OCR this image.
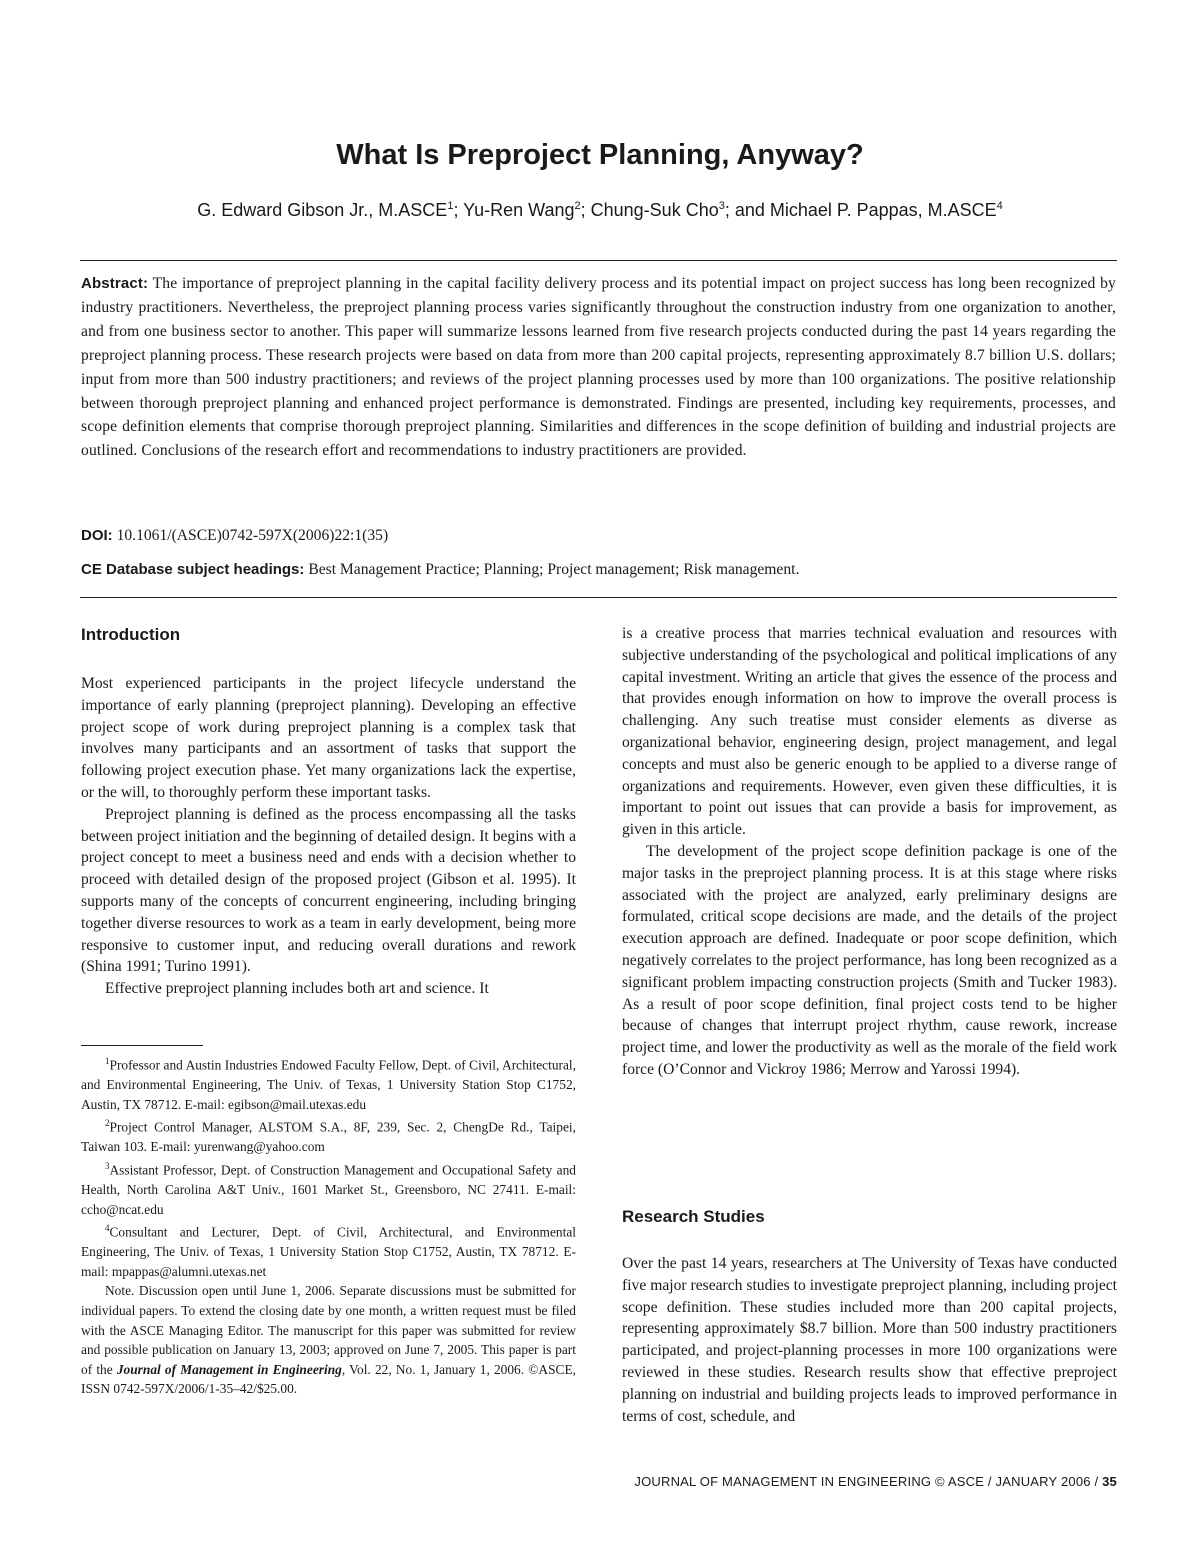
What Is Preproject Planning, Anyway?

G. Edward Gibson Jr., M.ASCE$^1$; Yu-Ren Wang$^2$; Chung-Suk Cho$^3$; and Michael P. Pappas, M.ASCE$^4$

Abstract: The importance of preproject planning in the capital facility delivery process and its potential impact on project success has long been recognized by industry practitioners. Nevertheless, the preproject planning process varies significantly throughout the construction industry from one organization to another, and from one business sector to another. This paper will summarize lessons learned from five research projects conducted during the past 14 years regarding the preproject planning process. These research projects were based on data from more than 200 capital projects, representing approximately 8.7 billion U.S. dollars; input from more than 500 industry practitioners; and reviews of the project planning processes used by more than 100 organizations. The positive relationship between thorough preproject planning and enhanced project performance is demonstrated. Findings are presented, including key requirements, processes, and scope definition elements that comprise thorough preproject planning. Similarities and differences in the scope definition of building and industrial projects are outlined. Conclusions of the research effort and recommendations to industry practitioners are provided.

DOI: 10.1061/(ASCE)0742-597X(2006)22:1(35)

CE Database subject headings: Best Management Practice; Planning; Project management; Risk management.

Introduction

Most experienced participants in the project lifecycle understand the importance of early planning (preproject planning). Developing an effective project scope of work during preproject planning is a complex task that involves many participants and an assortment of tasks that support the following project execution phase. Yet many organizations lack the expertise, or the will, to thoroughly perform these important tasks.

Preproject planning is defined as the process encompassing all the tasks between project initiation and the beginning of detailed design. It begins with a project concept to meet a business need and ends with a decision whether to proceed with detailed design of the proposed project (Gibson et al. 1995). It supports many of the concepts of concurrent engineering, including bringing together diverse resources to work as a team in early development, being more responsive to customer input, and reducing overall durations and rework (Shina 1991; Turino 1991).

Effective preproject planning includes both art and science. It

$^1$Professor and Austin Industries Endowed Faculty Fellow, Dept. of Civil, Architectural, and Environmental Engineering, The Univ. of Texas, 1 University Station Stop C1752, Austin, TX 78712. E-mail: egibson@mail.utexas.edu

$^2$Project Control Manager, ALSTOM S.A., 8F, 239, Sec. 2, ChengDe Rd., Taipei, Taiwan 103. E-mail: yurenwang@yahoo.com

$^3$Assistant Professor, Dept. of Construction Management and Occupational Safety and Health, North Carolina A&T Univ., 1601 Market St., Greensboro, NC 27411. E-mail: ccho@ncat.edu

$^4$Consultant and Lecturer, Dept. of Civil, Architectural, and Environmental Engineering, The Univ. of Texas, 1 University Station Stop C1752, Austin, TX 78712. E-mail: mpappas@alumni.utexas.net

Note. Discussion open until June 1, 2006. Separate discussions must be submitted for individual papers. To extend the closing date by one month, a written request must be filed with the ASCE Managing Editor. The manuscript for this paper was submitted for review and possible publication on January 13, 2003; approved on June 7, 2005. This paper is part of the Journal of Management in Engineering, Vol. 22, No. 1, January 1, 2006. ©ASCE, ISSN 0742-597X/2006/1-35–42/$25.00.

is a creative process that marries technical evaluation and resources with subjective understanding of the psychological and political implications of any capital investment. Writing an article that gives the essence of the process and that provides enough information on how to improve the overall process is challenging. Any such treatise must consider elements as diverse as organizational behavior, engineering design, project management, and legal concepts and must also be generic enough to be applied to a diverse range of organizations and requirements. However, even given these difficulties, it is important to point out issues that can provide a basis for improvement, as given in this article.

The development of the project scope definition package is one of the major tasks in the preproject planning process. It is at this stage where risks associated with the project are analyzed, early preliminary designs are formulated, critical scope decisions are made, and the details of the project execution approach are defined. Inadequate or poor scope definition, which negatively correlates to the project performance, has long been recognized as a significant problem impacting construction projects (Smith and Tucker 1983). As a result of poor scope definition, final project costs tend to be higher because of changes that interrupt project rhythm, cause rework, increase project time, and lower the productivity as well as the morale of the field work force (O’Connor and Vickroy 1986; Merrow and Yarossi 1994).

Research Studies

Over the past 14 years, researchers at The University of Texas have conducted five major research studies to investigate preproject planning, including project scope definition. These studies included more than 200 capital projects, representing approximately $8.7 billion. More than 500 industry practitioners participated, and project-planning processes in more 100 organizations were reviewed in these studies. Research results show that effective preproject planning on industrial and building projects leads to improved performance in terms of cost, schedule, and

JOURNAL OF MANAGEMENT IN ENGINEERING © ASCE / JANUARY 2006 / 35
